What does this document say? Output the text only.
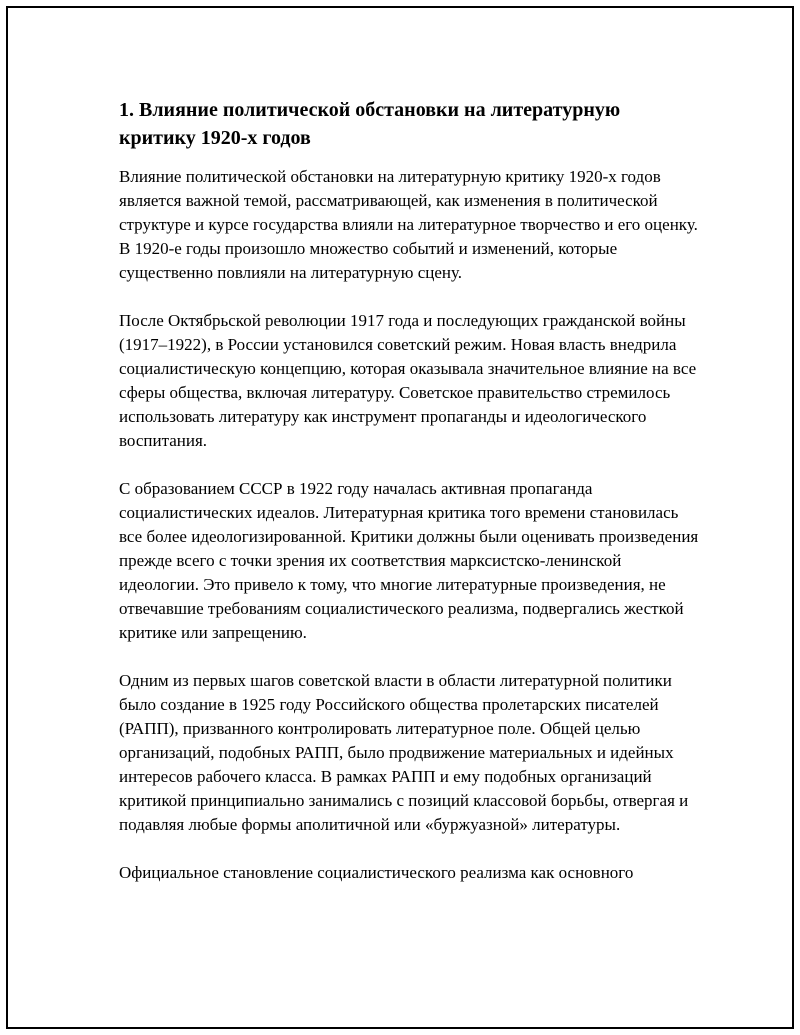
1. Влияние политической обстановки на литературную критику 1920-х годов

Влияние политической обстановки на литературную критику 1920-х годов является важной темой, рассматривающей, как изменения в политической структуре и курсе государства влияли на литературное творчество и его оценку. В 1920-е годы произошло множество событий и изменений, которые существенно повлияли на литературную сцену.

После Октябрьской революции 1917 года и последующих гражданской войны (1917–1922), в России установился советский режим. Новая власть внедрила социалистическую концепцию, которая оказывала значительное влияние на все сферы общества, включая литературу. Советское правительство стремилось использовать литературу как инструмент пропаганды и идеологического воспитания.

С образованием СССР в 1922 году началась активная пропаганда социалистических идеалов. Литературная критика того времени становилась все более идеологизированной. Критики должны были оценивать произведения прежде всего с точки зрения их соответствия марксистско-ленинской идеологии. Это привело к тому, что многие литературные произведения, не отвечавшие требованиям социалистического реализма, подвергались жесткой критике или запрещению.

Одним из первых шагов советской власти в области литературной политики было создание в 1925 году Российского общества пролетарских писателей (РАПП), призванного контролировать литературное поле. Общей целью организаций, подобных РАПП, было продвижение материальных и идейных интересов рабочего класса. В рамках РАПП и ему подобных организаций критикой принципиально занимались с позиций классовой борьбы, отвергая и подавляя любые формы аполитичной или «буржуазной» литературы.

Официальное становление социалистического реализма как основного
